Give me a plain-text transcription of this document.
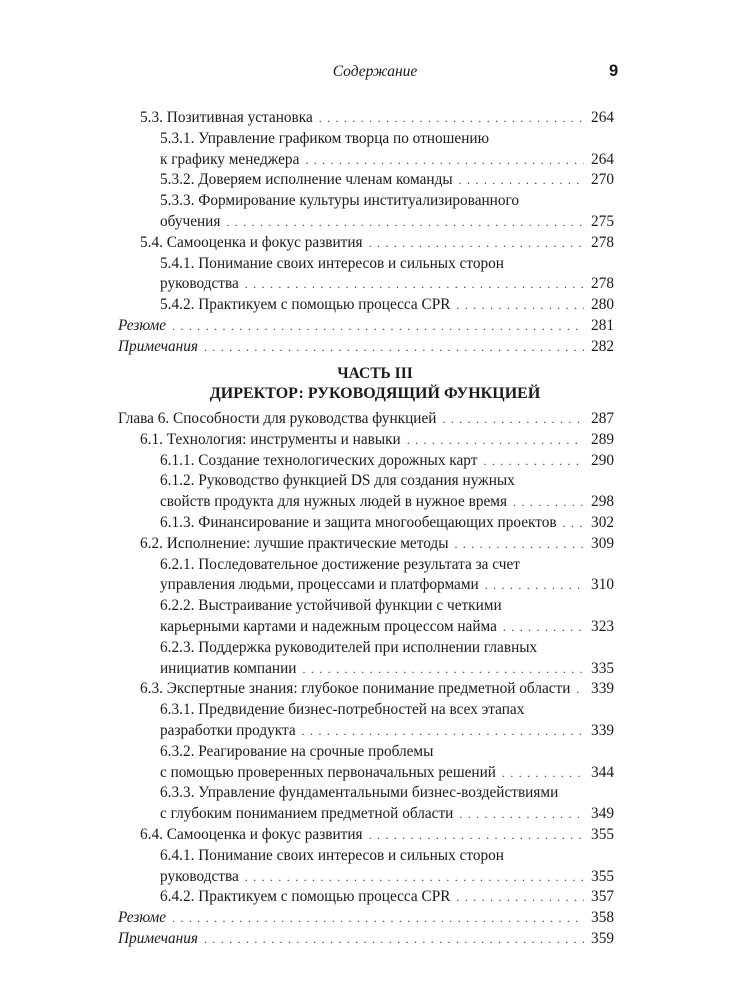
Содержание	9
5.3. Позитивная установка . . .	264
5.3.1. Управление графиком творца по отношению
к графику менеджера . . .	264
5.3.2. Доверяем исполнение членам команды . . .	270
5.3.3. Формирование культуры институализированного
обучения . . .	275
5.4. Самооценка и фокус развития . . .	278
5.4.1. Понимание своих интересов и сильных сторон
руководства . . .	278
5.4.2. Практикуем с помощью процесса CPR . . .	280
Резюме . . .	281
Примечания . . .	282
ЧАСТЬ III
ДИРЕКТОР: РУКОВОДЯЩИЙ ФУНКЦИЕЙ
Глава 6. Способности для руководства функцией . . .	287
6.1. Технология: инструменты и навыки . . .	289
6.1.1. Создание технологических дорожных карт . . .	290
6.1.2. Руководство функцией DS для создания нужных
свойств продукта для нужных людей в нужное время . . .	298
6.1.3. Финансирование и защита многообещающих проектов . . . 302
6.2. Исполнение: лучшие практические методы . . .	309
6.2.1. Последовательное достижение результата за счет
управления людьми, процессами и платформами . . .	310
6.2.2. Выстраивание устойчивой функции с четкими
карьерными картами и надежным процессом найма . . .	323
6.2.3. Поддержка руководителей при исполнении главных
инициатив компании . . .	335
6.3. Экспертные знания: глубокое понимание предметной области . . . 339
6.3.1. Предвидение бизнес-потребностей на всех этапах
разработки продукта . . .	339
6.3.2. Реагирование на срочные проблемы
с помощью проверенных первоначальных решений . . .	344
6.3.3. Управление фундаментальными бизнес-воздействиями
с глубоким пониманием предметной области . . .	349
6.4. Самооценка и фокус развития . . .	355
6.4.1. Понимание своих интересов и сильных сторон
руководства . . .	355
6.4.2. Практикуем с помощью процесса CPR . . .	357
Резюме . . .	358
Примечания . . .	359
